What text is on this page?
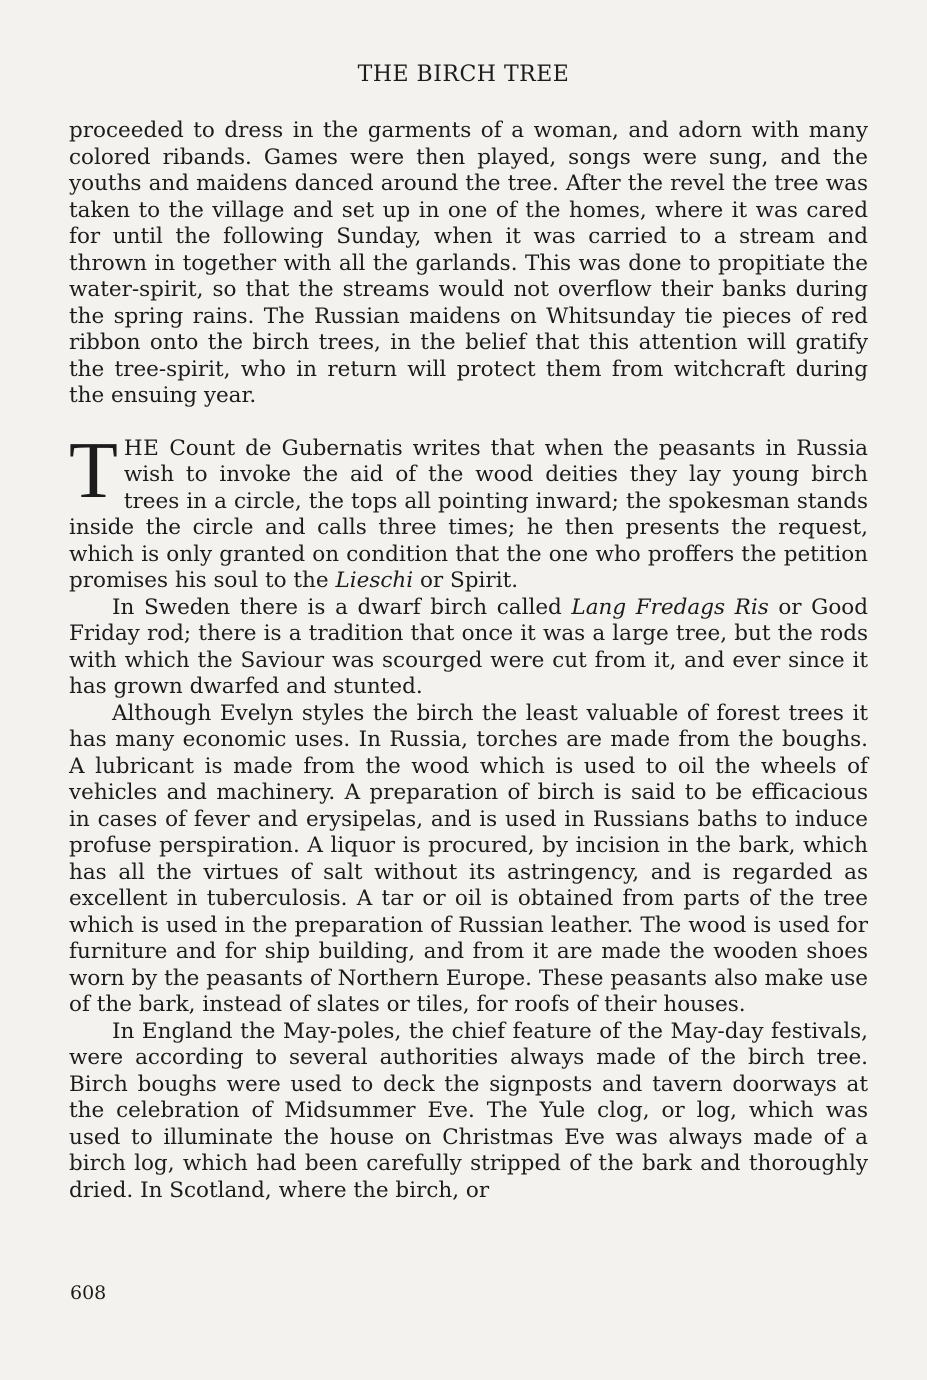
THE BIRCH TREE

proceeded to dress in the garments of a woman, and adorn with many colored ribands. Games were then played, songs were sung, and the youths and maidens danced around the tree. After the revel the tree was taken to the village and set up in one of the homes, where it was cared for until the following Sunday, when it was carried to a stream and thrown in together with all the garlands. This was done to propitiate the water-spirit, so that the streams would not overflow their banks during the spring rains. The Russian maidens on Whitsunday tie pieces of red ribbon onto the birch trees, in the belief that this attention will gratify the tree-spirit, who in return will protect them from witchcraft during the ensuing year.

THE Count de Gubernatis writes that when the peasants in Russia wish to invoke the aid of the wood deities they lay young birch trees in a circle, the tops all pointing inward; the spokesman stands inside the circle and calls three times; he then presents the request, which is only granted on condition that the one who proffers the petition promises his soul to the Lieschi or Spirit.

In Sweden there is a dwarf birch called Lang Fredags Ris or Good Friday rod; there is a tradition that once it was a large tree, but the rods with which the Saviour was scourged were cut from it, and ever since it has grown dwarfed and stunted.

Although Evelyn styles the birch the least valuable of forest trees it has many economic uses. In Russia, torches are made from the boughs. A lubricant is made from the wood which is used to oil the wheels of vehicles and machinery. A preparation of birch is said to be efficacious in cases of fever and erysipelas, and is used in Russians baths to induce profuse perspiration. A liquor is procured, by incision in the bark, which has all the virtues of salt without its astringency, and is regarded as excellent in tuberculosis. A tar or oil is obtained from parts of the tree which is used in the preparation of Russian leather. The wood is used for furniture and for ship building, and from it are made the wooden shoes worn by the peasants of Northern Europe. These peasants also make use of the bark, instead of slates or tiles, for roofs of their houses.

In England the May-poles, the chief feature of the May-day festivals, were according to several authorities always made of the birch tree. Birch boughs were used to deck the signposts and tavern doorways at the celebration of Midsummer Eve. The Yule clog, or log, which was used to illuminate the house on Christmas Eve was always made of a birch log, which had been carefully stripped of the bark and thoroughly dried. In Scotland, where the birch, or

608
